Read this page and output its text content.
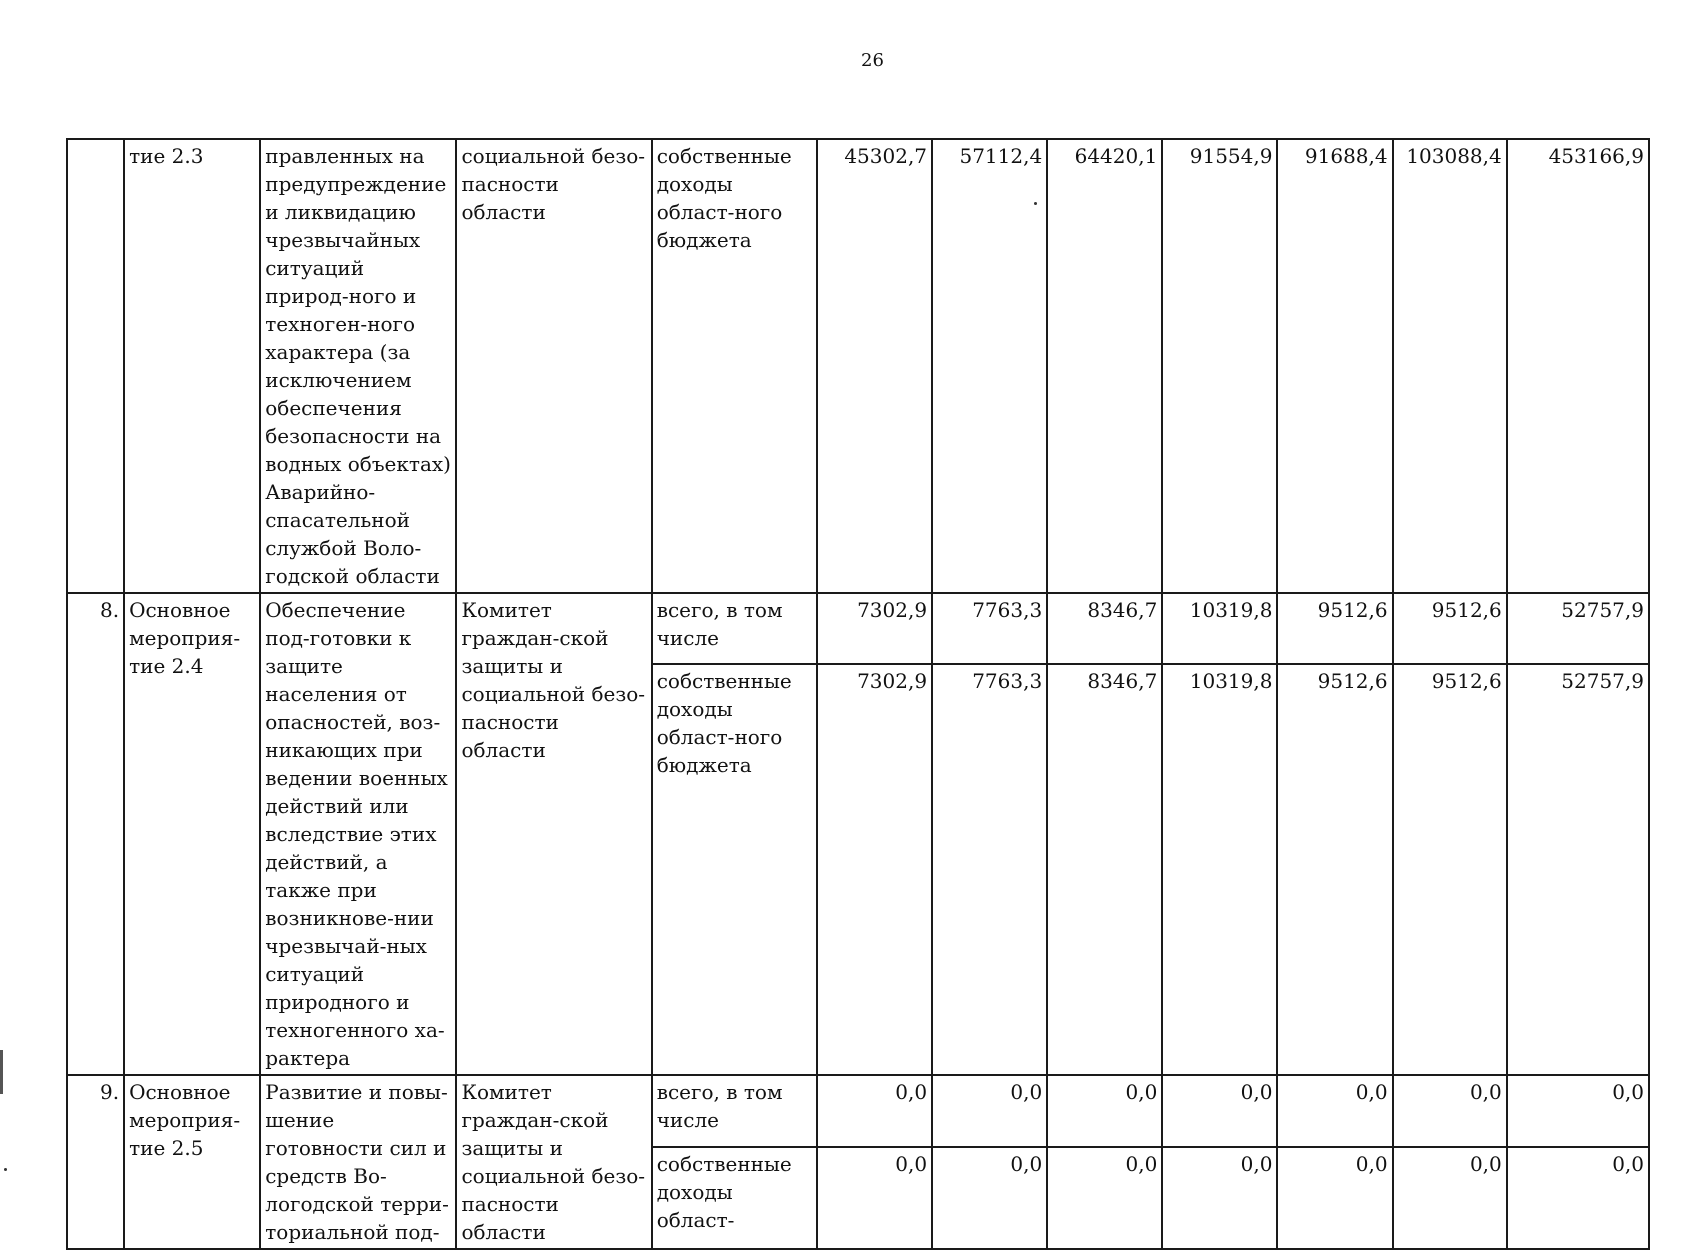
26
	тие 2.3	правленных на предупреждение и ликвидацию чрезвычайных ситуаций природ-ного и техноген-ного характера (за исключением обеспечения безопасности на водных объектах) Аварийно-спасательной службой Воло-годской области	социальной безо-пасности области	собственные доходы област-ного бюджета	45302,7	57112,4	64420,1	91554,9	91688,4	103088,4	453166,9
8.	Основное мероприя-тие 2.4	Обеспечение под-готовки к защите населения от опасностей, воз-никающих при ведении военных действий или вследствие этих действий, а также при возникнове-нии чрезвычай-ных ситуаций природного и техногенного ха-рактера	Комитет граждан-ской защиты и социальной безо-пасности области	всего, в том числе	7302,9	7763,3	8346,7	10319,8	9512,6	9512,6	52757,9
				собственные доходы област-ного бюджета	7302,9	7763,3	8346,7	10319,8	9512,6	9512,6	52757,9
9.	Основное мероприя-тие 2.5	Развитие и повы-шение готовности сил и средств Во-логодской терри-ториальной под-	Комитет граждан-ской защиты и социальной безо-пасности области	всего, в том числе	0,0	0,0	0,0	0,0	0,0	0,0	0,0
				собственные доходы област-	0,0	0,0	0,0	0,0	0,0	0,0	0,0
